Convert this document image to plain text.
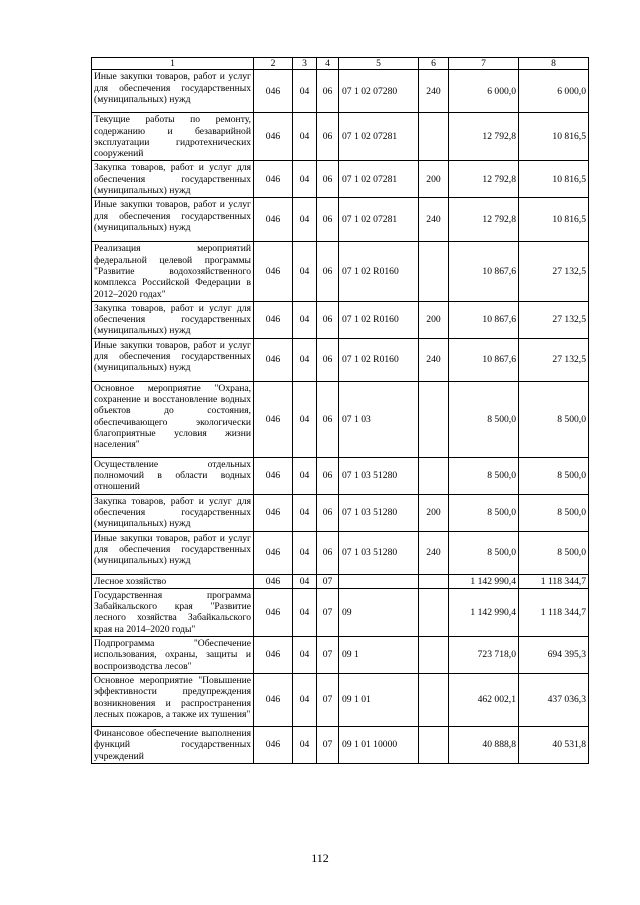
1	2	3	4	5	6	7	8
Иные закупки товаров, работ и услуг для обеспечения государственных (муниципальных) нужд	046	04	06	07 1 02 07280	240	6 000,0	6 000,0
Текущие работы по ремонту, содержанию и безаварийной эксплуатации гидротехнических сооружений	046	04	06	07 1 02 07281		12 792,8	10 816,5
Закупка товаров, работ и услуг для обеспечения государственных (муниципальных) нужд	046	04	06	07 1 02 07281	200	12 792,8	10 816,5
Иные закупки товаров, работ и услуг для обеспечения государственных (муниципальных) нужд	046	04	06	07 1 02 07281	240	12 792,8	10 816,5
Реализация мероприятий федеральной целевой программы "Развитие водохозяйственного комплекса Российской Федерации в 2012–2020 годах"	046	04	06	07 1 02 R0160		10 867,6	27 132,5
Закупка товаров, работ и услуг для обеспечения государственных (муниципальных) нужд	046	04	06	07 1 02 R0160	200	10 867,6	27 132,5
Иные закупки товаров, работ и услуг для обеспечения государственных (муниципальных) нужд	046	04	06	07 1 02 R0160	240	10 867,6	27 132,5
Основное мероприятие "Охрана, сохранение и восстановление водных объектов до состояния, обеспечивающего экологически благоприятные условия жизни населения"	046	04	06	07 1 03		8 500,0	8 500,0
Осуществление отдельных полномочий в области водных отношений	046	04	06	07 1 03 51280		8 500,0	8 500,0
Закупка товаров, работ и услуг для обеспечения государственных (муниципальных) нужд	046	04	06	07 1 03 51280	200	8 500,0	8 500,0
Иные закупки товаров, работ и услуг для обеспечения государственных (муниципальных) нужд	046	04	06	07 1 03 51280	240	8 500,0	8 500,0
Лесное хозяйство	046	04	07			1 142 990,4	1 118 344,7
Государственная программа Забайкальского края "Развитие лесного хозяйства Забайкальского края на 2014–2020 годы"	046	04	07	09		1 142 990,4	1 118 344,7
Подпрограмма "Обеспечение использования, охраны, защиты и воспроизводства лесов"	046	04	07	09 1		723 718,0	694 395,3
Основное мероприятие "Повышение эффективности предупреждения возникновения и распространения лесных пожаров, а также их тушения"	046	04	07	09 1 01		462 002,1	437 036,3
Финансовое обеспечение выполнения функций государственных учреждений	046	04	07	09 1 01 10000		40 888,8	40 531,8
112
